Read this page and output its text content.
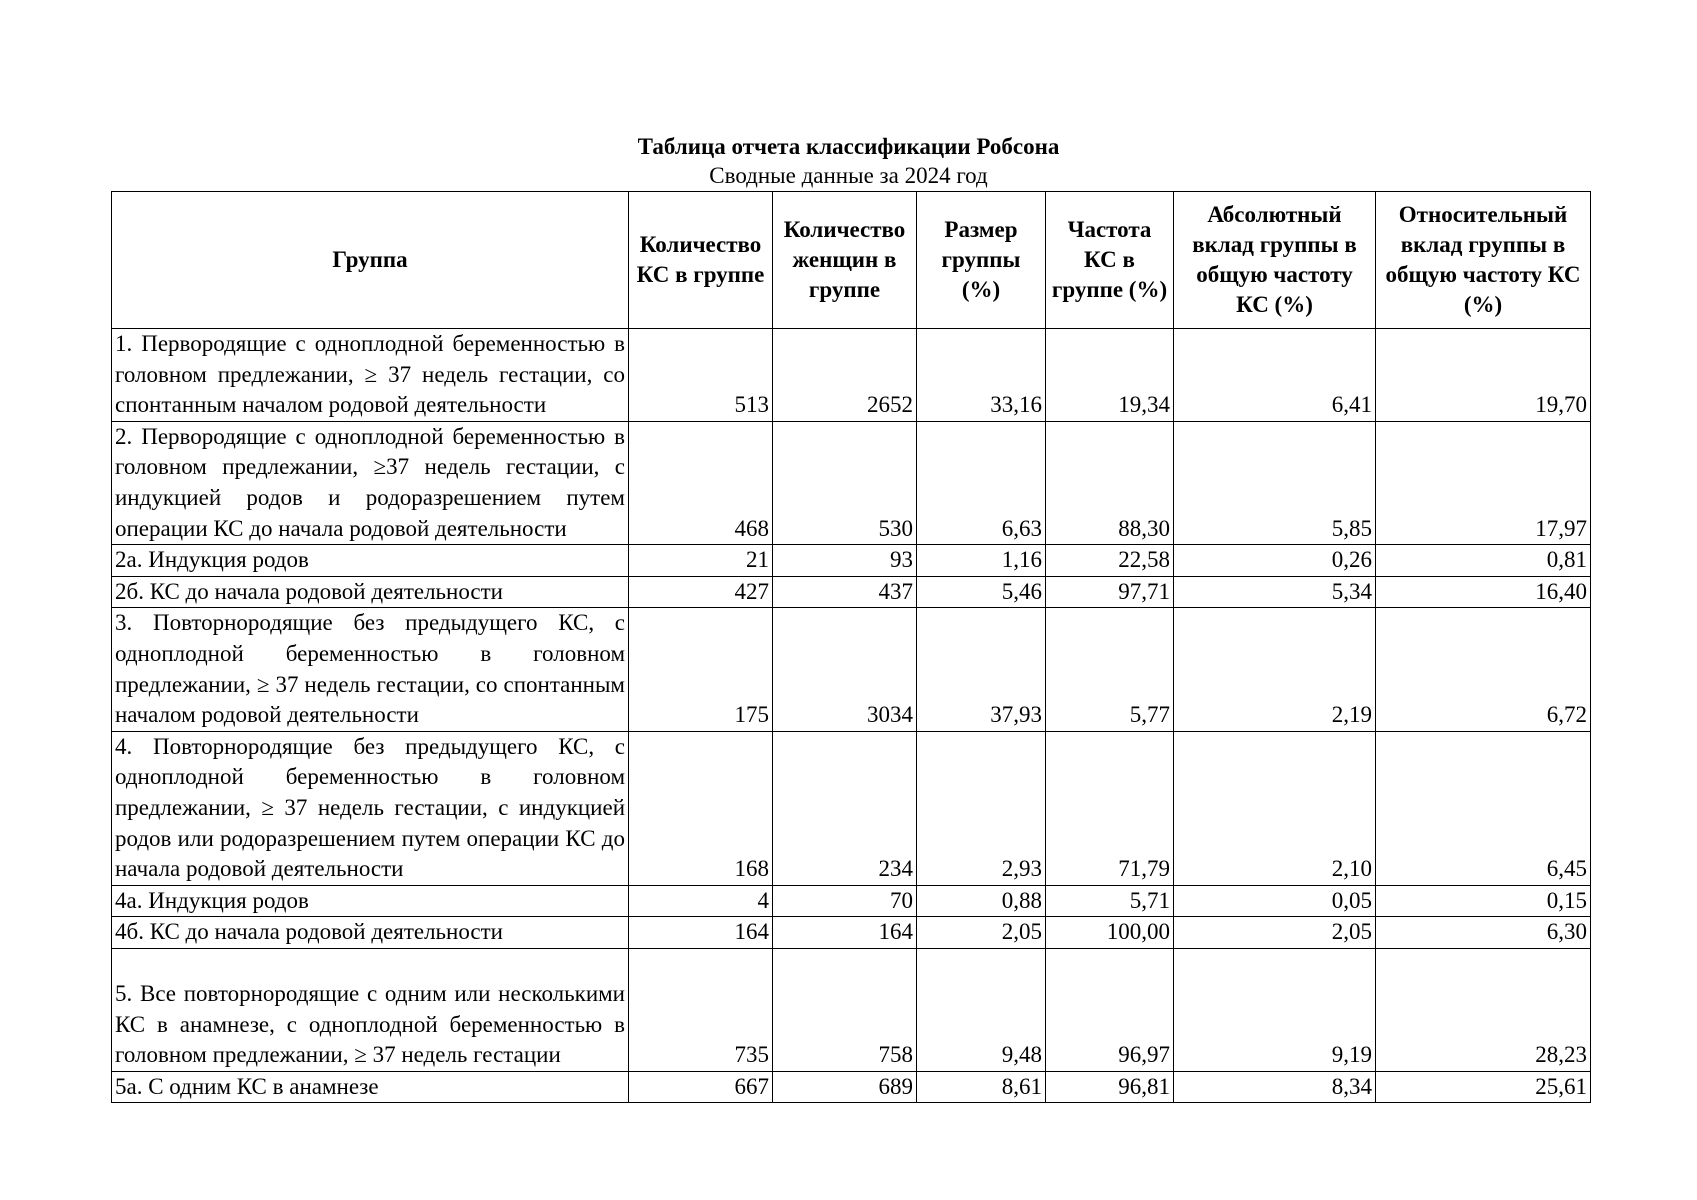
Таблица отчета классификации Робсона
Сводные данные за 2024 год
Группа	Количество КС в группе	Количество женщин в группе	Размер группы (%)	Частота КС в группе (%)	Абсолютный вклад группы в общую частоту КС (%)	Относительный вклад группы в общую частоту КС (%)
1. Первородящие с одноплодной беременностью в головном предлежании, ≥ 37 недель гестации, со спонтанным началом родовой деятельности	513	2652	33,16	19,34	6,41	19,70
2. Первородящие с одноплодной беременностью в головном предлежании, ≥37 недель гестации, с индукцией родов и родоразрешением путем операции КС до начала родовой деятельности	468	530	6,63	88,30	5,85	17,97
2а. Индукция родов	21	93	1,16	22,58	0,26	0,81
2б. КС до начала родовой деятельности	427	437	5,46	97,71	5,34	16,40
3. Повторнородящие без предыдущего КС, с одноплодной беременностью в головном предлежании, ≥ 37 недель гестации, со спонтанным началом родовой деятельности	175	3034	37,93	5,77	2,19	6,72
4. Повторнородящие без предыдущего КС, с одноплодной беременностью в головном предлежании, ≥ 37 недель гестации, с индукцией родов или родоразрешением путем операции КС до начала родовой деятельности	168	234	2,93	71,79	2,10	6,45
4а. Индукция родов	4	70	0,88	5,71	0,05	0,15
4б. КС до начала родовой деятельности	164	164	2,05	100,00	2,05	6,30
5. Все повторнородящие с одним или несколькими КС в анамнезе, с одноплодной беременностью в головном предлежании, ≥ 37 недель гестации	735	758	9,48	96,97	9,19	28,23
5а. С одним КС в анамнезе	667	689	8,61	96,81	8,34	25,61
